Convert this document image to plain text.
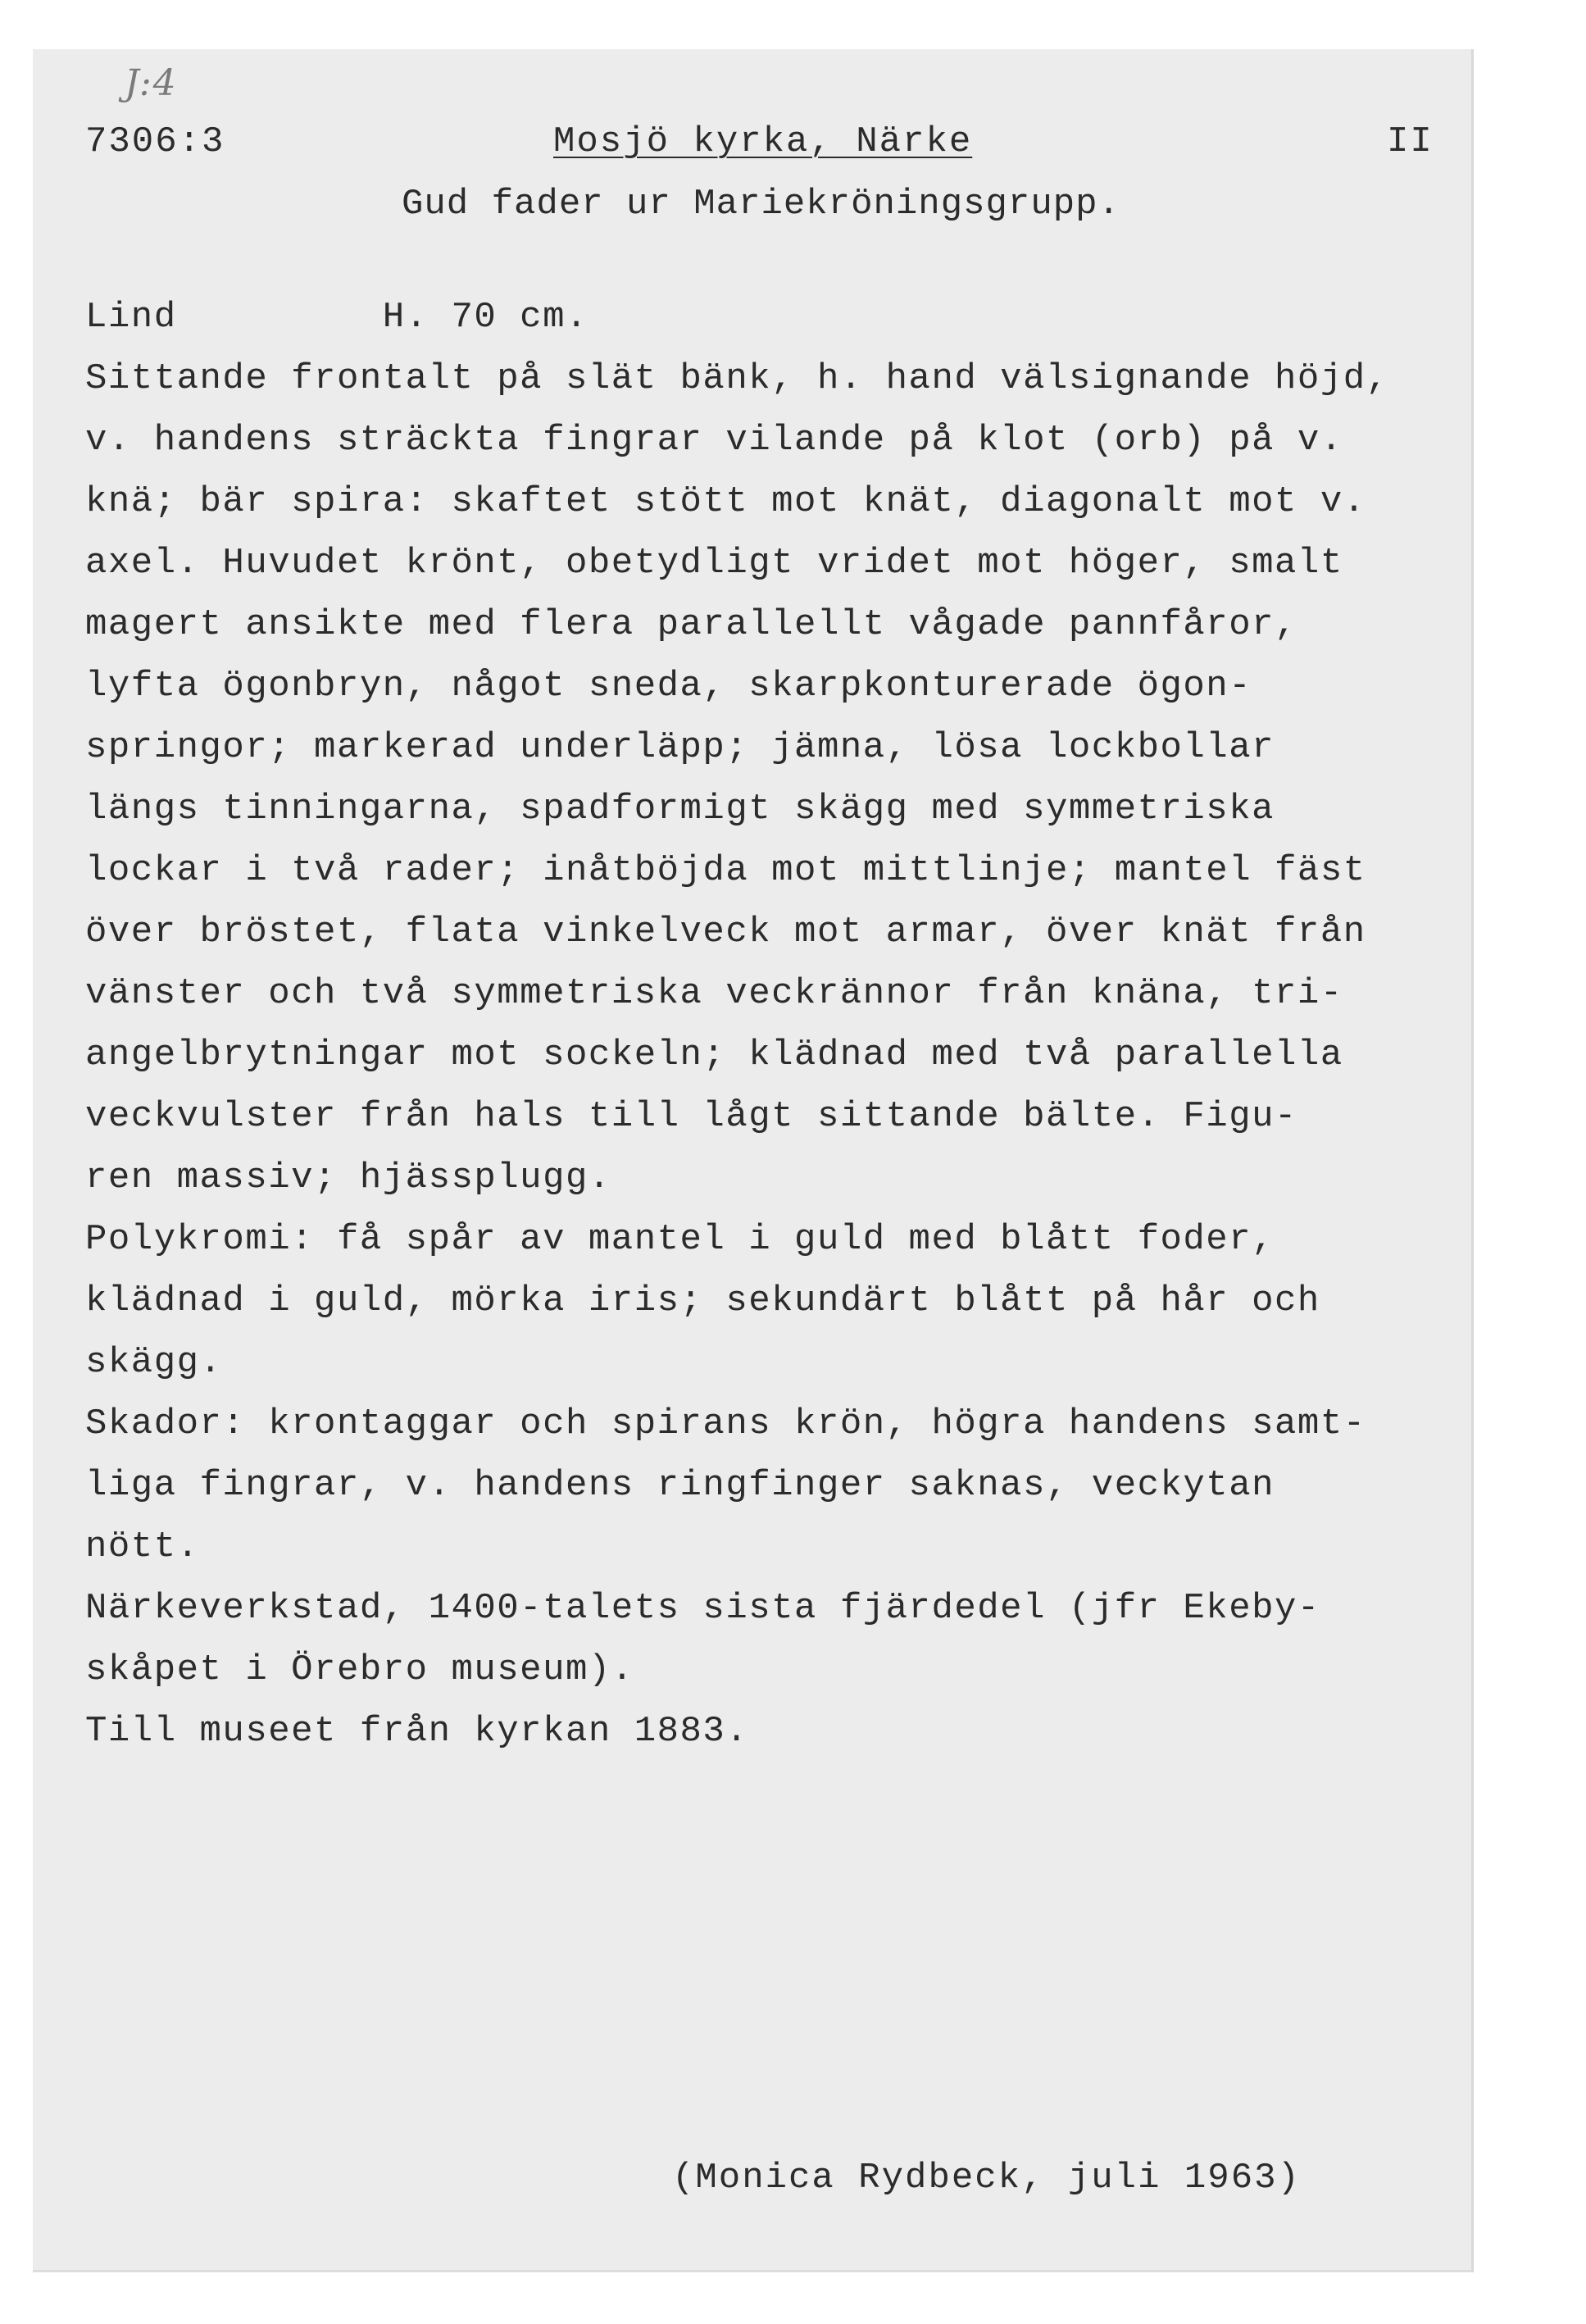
J:4
7306:3	Mosjö kyrka, Närke	II
Gud fader ur Mariekröningsgrupp.
Lind         H. 70 cm.
Sittande frontalt på slät bänk, h. hand välsignande höjd,
v. handens sträckta fingrar vilande på klot (orb) på v.
knä; bär spira: skaftet stött mot knät, diagonalt mot v.
axel. Huvudet krönt, obetydligt vridet mot höger, smalt
magert ansikte med flera parallellt vågade pannfåror,
lyfta ögonbryn, något sneda, skarpkonturerade ögon-
springor; markerad underläpp; jämna, lösa lockbollar
längs tinningarna, spadformigt skägg med symmetriska
lockar i två rader; inåtböjda mot mittlinje; mantel fäst
över bröstet, flata vinkelveck mot armar, över knät från
vänster och två symmetriska veckrännor från knäna, tri-
angelbrytningar mot sockeln; klädnad med två parallella
veckvulster från hals till lågt sittande bälte. Figu-
ren massiv; hjässplugg.
Polykromi: få spår av mantel i guld med blått foder,
klädnad i guld, mörka iris; sekundärt blått på hår och
skägg.
Skador: krontaggar och spirans krön, högra handens samt-
liga fingrar, v. handens ringfinger saknas, veckytan
nött.
Närkeverkstad, 1400-talets sista fjärdedel (jfr Ekeby-
skåpet i Örebro museum).
Till museet från kyrkan 1883.
(Monica Rydbeck, juli 1963)
